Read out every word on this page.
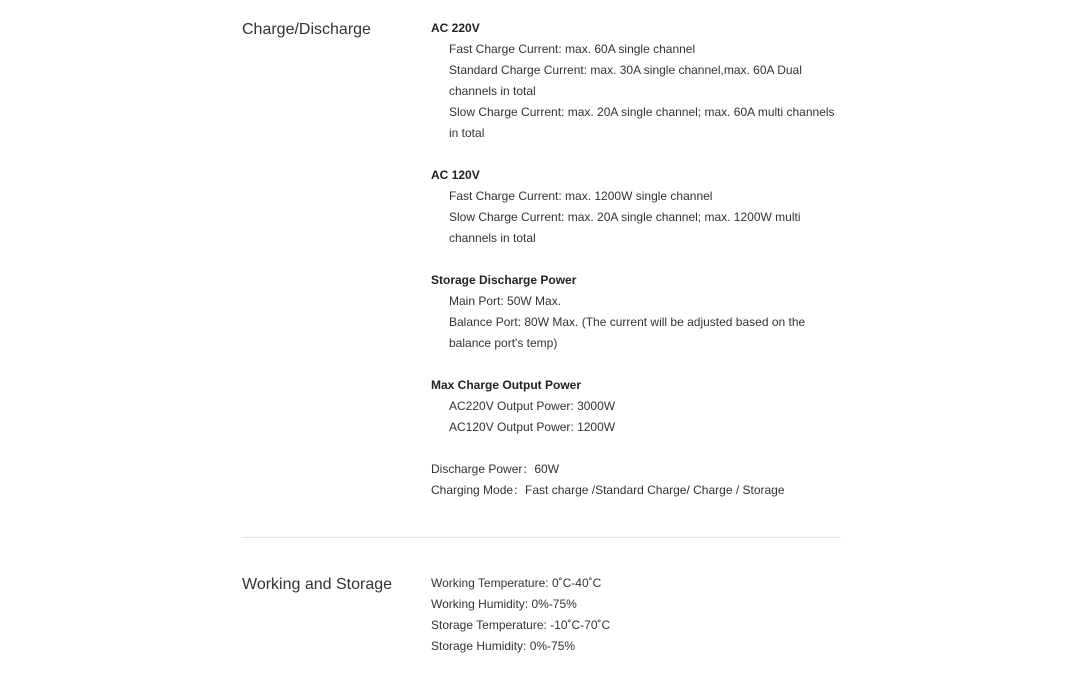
Charge/Discharge	AC 220V
Fast Charge Current: max. 60A single channel
Standard Charge Current: max. 30A single channel,max. 60A Dual channels in total
Slow Charge Current: max. 20A single channel; max. 60A multi channels in total
AC 120V
Fast Charge Current: max. 1200W single channel
Slow Charge Current: max. 20A single channel; max. 1200W multi channels in total
Storage Discharge Power
Main Port: 50W Max.
Balance Port: 80W Max. (The current will be adjusted based on the balance port's temp)
Max Charge Output Power
AC220V Output Power: 3000W
AC120V Output Power: 1200W
Discharge Power：60W
Charging Mode：Fast charge /Standard Charge/ Charge / Storage
Working and Storage	Working Temperature: 0˚C-40˚C
Working Humidity: 0%-75%
Storage Temperature: -10˚C-70˚C
Storage Humidity: 0%-75%
